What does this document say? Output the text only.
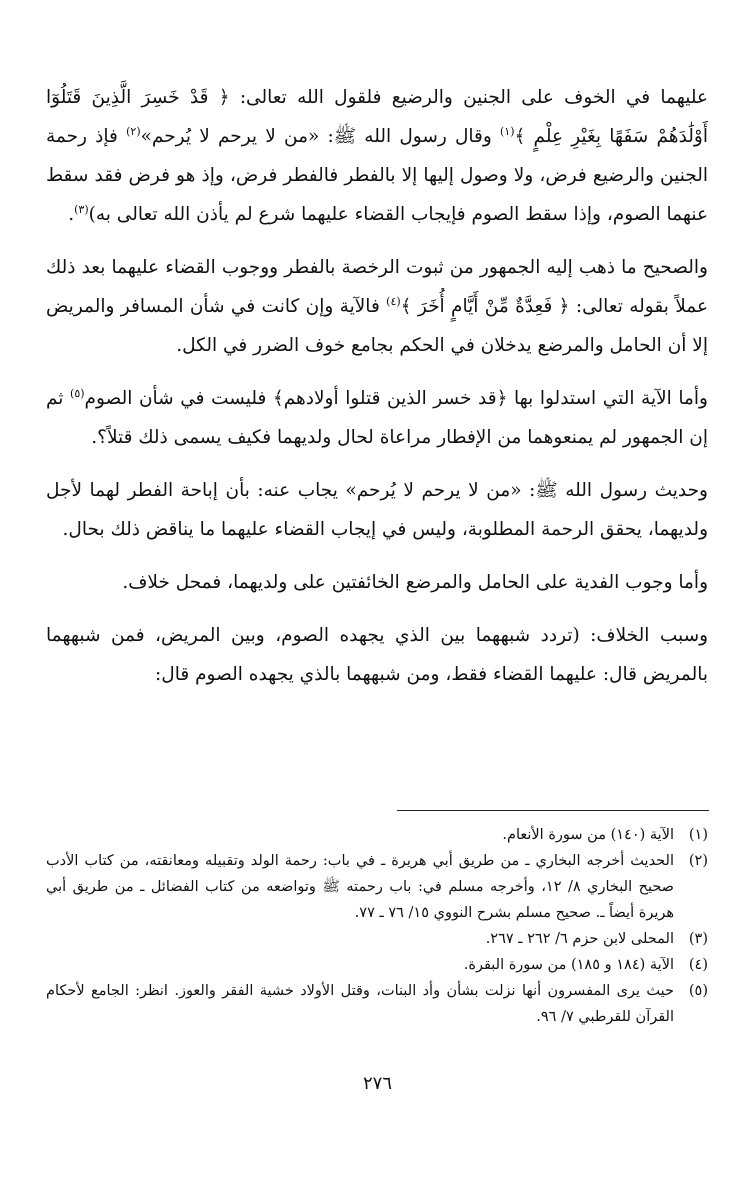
عليهما في الخوف على الجنين والرضيع فلقول الله تعالى: ﴿ قَدْ خَسِرَ الَّذِينَ قَتَلُوٓا أَوْلَٰدَهُمْ سَفَهًا بِغَيْرِ عِلْمٍ ﴾$^{(١)}$ وقال رسول الله ﷺ: «من لا يرحم لا يُرحم»$^{(٢)}$ فإذ رحمة الجنين والرضيع فرض، ولا وصول إليها إلا بالفطر فالفطر فرض، وإذ هو فرض فقد سقط عنهما الصوم، وإذا سقط الصوم فإيجاب القضاء عليهما شرع لم يأذن الله تعالى به)$^{(٣)}$.

والصحيح ما ذهب إليه الجمهور من ثبوت الرخصة بالفطر ووجوب القضاء عليهما بعد ذلك عملاً بقوله تعالى: ﴿ فَعِدَّةٌ مِّنْ أَيَّامٍ أُخَرَ ﴾$^{(٤)}$ فالآية وإن كانت في شأن المسافر والمريض إلا أن الحامل والمرضع يدخلان في الحكم بجامع خوف الضرر في الكل.

وأما الآية التي استدلوا بها ﴿قد خسر الذين قتلوا أولادهم﴾ فليست في شأن الصوم$^{(٥)}$ ثم إن الجمهور لم يمنعوهما من الإفطار مراعاة لحال ولديهما فكيف يسمى ذلك قتلاً؟.

وحديث رسول الله ﷺ: «من لا يرحم لا يُرحم» يجاب عنه: بأن إباحة الفطر لهما لأجل ولديهما، يحقق الرحمة المطلوبة، وليس في إيجاب القضاء عليهما ما يناقض ذلك بحال.

وأما وجوب الفدية على الحامل والمرضع الخائفتين على ولديهما، فمحل خلاف.

وسبب الخلاف: (تردد شبههما بين الذي يجهده الصوم، وبين المريض، فمن شبههما بالمريض قال: عليهما القضاء فقط، ومن شبههما بالذي يجهده الصوم قال:

(١)
الآية (١٤٠) من سورة الأنعام.
(٢)
الحديث أخرجه البخاري ـ من طريق أبي هريرة ـ في باب: رحمة الولد وتقبيله ومعانقته، من كتاب الأدب صحيح البخاري ٨/ ١٢، وأخرجه مسلم في: باب رحمته ﷺ وتواضعه من كتاب الفضائل ـ من طريق أبي هريرة أيضاً ـ. صحيح مسلم بشرح النووي ١٥/ ٧٦ ـ ٧٧.
(٣)
المحلى لابن حزم ٦/ ٢٦٢ ـ ٢٦٧.
(٤)
الآية (١٨٤ و ١٨٥) من سورة البقرة.
(٥)
حيث يرى المفسرون أنها نزلت بشأن وأد البنات، وقتل الأولاد خشية الفقر والعوز. انظر: الجامع لأحكام القرآن للقرطبي ٧/ ٩٦.
٢٧٦
